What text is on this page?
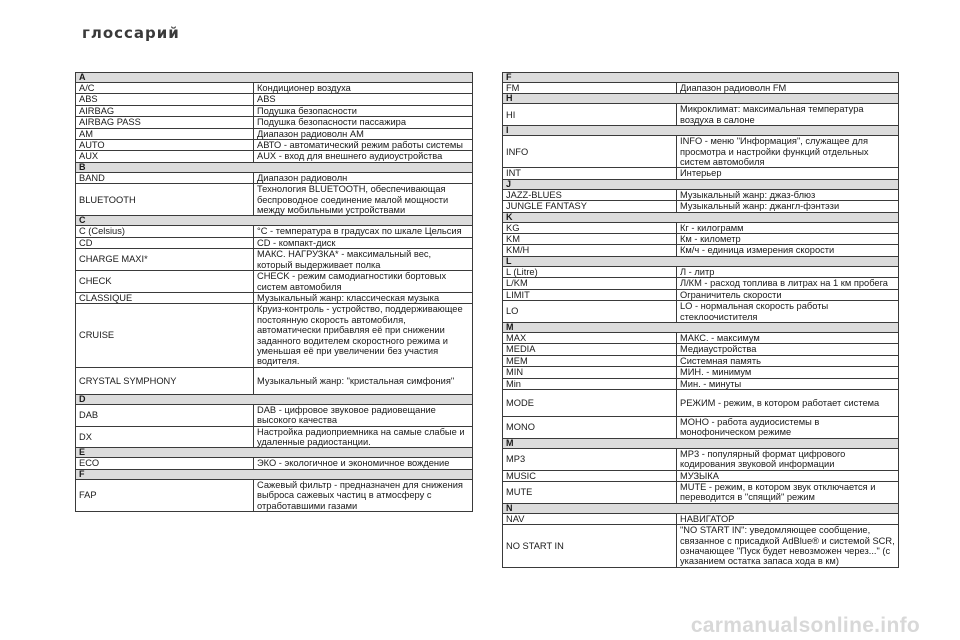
глоссарий
A	
A/C	Кондиционер воздуха
ABS	ABS
AIRBAG	Подушка безопасности
AIRBAG PASS	Подушка безопасности пассажира
AM	Диапазон радиоволн AM
AUTO	АВТО - автоматический режим работы системы
AUX	AUX - вход для внешнего аудиоустройства
B	
BAND	Диапазон радиоволн
BLUETOOTH	Технология BLUETOOTH, обеспечивающая беспроводное соединение малой мощности между мобильными устройствами
C	
C (Celsius)	°C - температура в градусах по шкале Цельсия
CD	CD - компакт-диск
CHARGE MAXI*	МАКС. НАГРУЗКА* - максимальный вес, который выдерживает полка
CHECK	CHECK - режим самодиагностики бортовых систем автомобиля
CLASSIQUE	Музыкальный жанр: классическая музыка
CRUISE	Круиз-контроль - устройство, поддерживающее постоянную скорость автомобиля, автоматически прибавляя её при снижении заданного водителем скоростного режима и уменьшая её при увеличении без участия водителя.
CRYSTAL SYMPHONY	Музыкальный жанр: "кристальная симфония"
D	
DAB	DAB - цифровое звуковое радиовещание высокого качества
DX	Настройка радиоприемника на самые слабые и удаленные радиостанции.
E	
ECO	ЭКО - экологичное и экономичное вождение
F	
FAP	Сажевый фильтр - предназначен для снижения выброса сажевых частиц в атмосферу с отработавшими газами
F	
FM	Диапазон радиоволн FM
H	
HI	Микроклимат: максимальная температура воздуха в салоне
I	
INFO	INFO - меню "Информация", служащее для просмотра и настройки функций отдельных систем автомобиля
INT	Интерьер
J	
JAZZ-BLUES	Музыкальный жанр: джаз-блюз
JUNGLE FANTASY	Музыкальный жанр: джангл-фэнтэзи
K	
KG	Кг - килограмм
KM	Км - километр
KM/H	Км/ч - единица измерения скорости
L	
L (Litre)	Л - литр
L/KM	Л/КМ - расход топлива в литрах на 1 км пробега
LIMIT	Ограничитель скорости
LO	LO - нормальная скорость работы стеклоочистителя
M	
MAX	МАКС. - максимум
MEDIA	Медиаустройства
MEM	Системная память
MIN	МИН. - минимум
Min	Мин. - минуты
MODE	РЕЖИМ - режим, в котором работает система
MONO	МОНО - работа аудиосистемы в монофоническом режиме
M	
MP3	MP3 - популярный формат цифрового кодирования звуковой информации
MUSIC	МУЗЫКА
MUTE	MUTE - режим, в котором звук отключается и переводится в "спящий" режим
N	
NAV	НАВИГАТОР
NO START IN	"NO START IN": уведомляющее сообщение, связанное с присадкой AdBlue® и системой SCR, означающее "Пуск будет невозможен через..." (с указанием остатка запаса хода в км)
carmanualsonline.info
